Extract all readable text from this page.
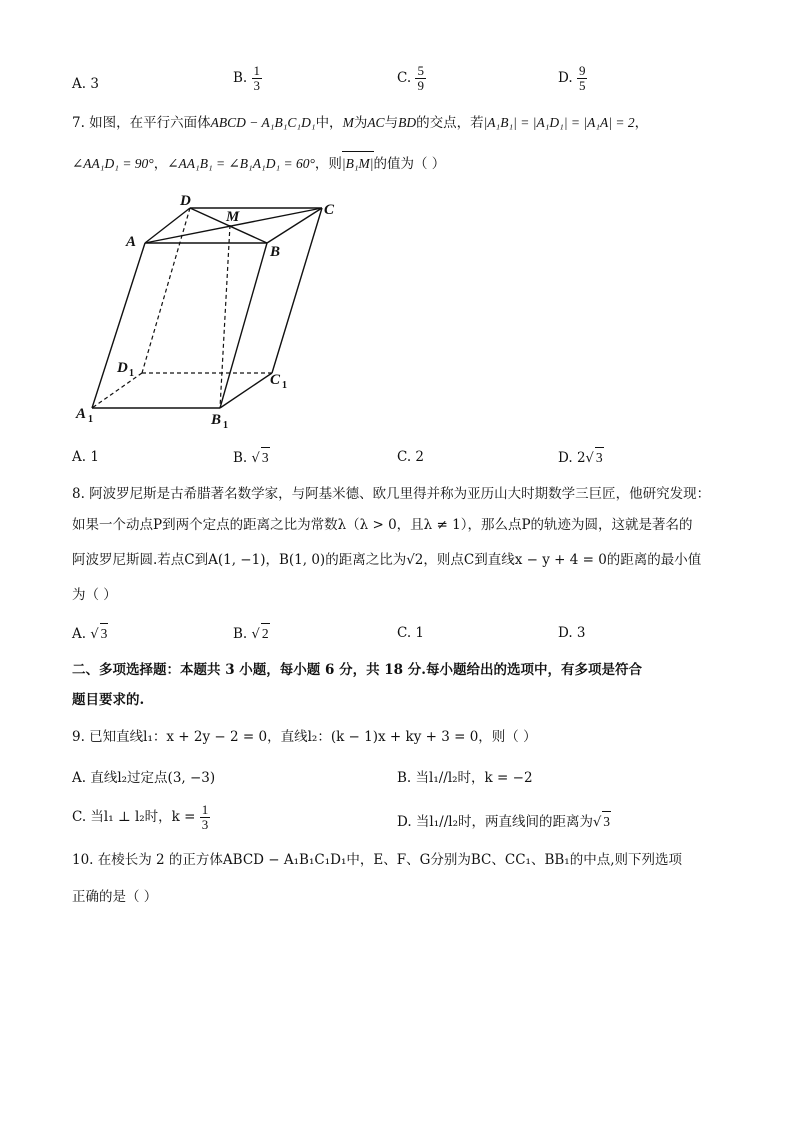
A. 3	B. $\frac{1}{3}$	C. $\frac{5}{9}$	D. $\frac{9}{5}$
7. 如图，在平行六面体ABCD − A₁B₁C₁D₁中，M为AC与BD的交点，若|A₁B₁| = |A₁D₁| = |A₁A| = 2，
∠AA₁D₁ = 90°，∠AA₁B₁ = ∠B₁A₁D₁ = 60°，则|B₁M|的值为（ ）
D
C
A
B
M
D 1	C 1
A 1	B 1
A. 1	B. √ 3	C. 2	D. 2√ 3
8. 阿波罗尼斯是古希腊著名数学家，与阿基米德、欧几里得并称为亚历山大时期数学三巨匠，他研究发现：
如果一个动点P到两个定点的距离之比为常数λ（λ > 0，且λ ≠ 1），那么点P的轨迹为圆，这就是著名的
阿波罗尼斯圆.若点C到A(1, −1)，B(1, 0)的距离之比为√2，则点C到直线x − y + 4 = 0的距离的最小值
为（ ）
A. √ 3	B. √ 2	C. 1	D. 3
二、多项选择题：本题共 3 小题，每小题 6 分，共 18 分.每小题给出的选项中，有多项是符合
题目要求的.
9. 已知直线l₁：x + 2y − 2 = 0，直线l₂：(k − 1)x + ky + 3 = 0，则（ ）
A. 直线l₂过定点(3, −3)	B. 当l₁//l₂时，k = −2
C. 当l₁ ⊥ l₂时，$k = \frac{1}{3}$	D. 当l₁//l₂时，两直线间的距离为√ 3
10. 在棱长为 2 的正方体ABCD − A₁B₁C₁D₁中，E、F、G分别为BC、CC₁、BB₁的中点,则下列选项
正确的是（ ）
